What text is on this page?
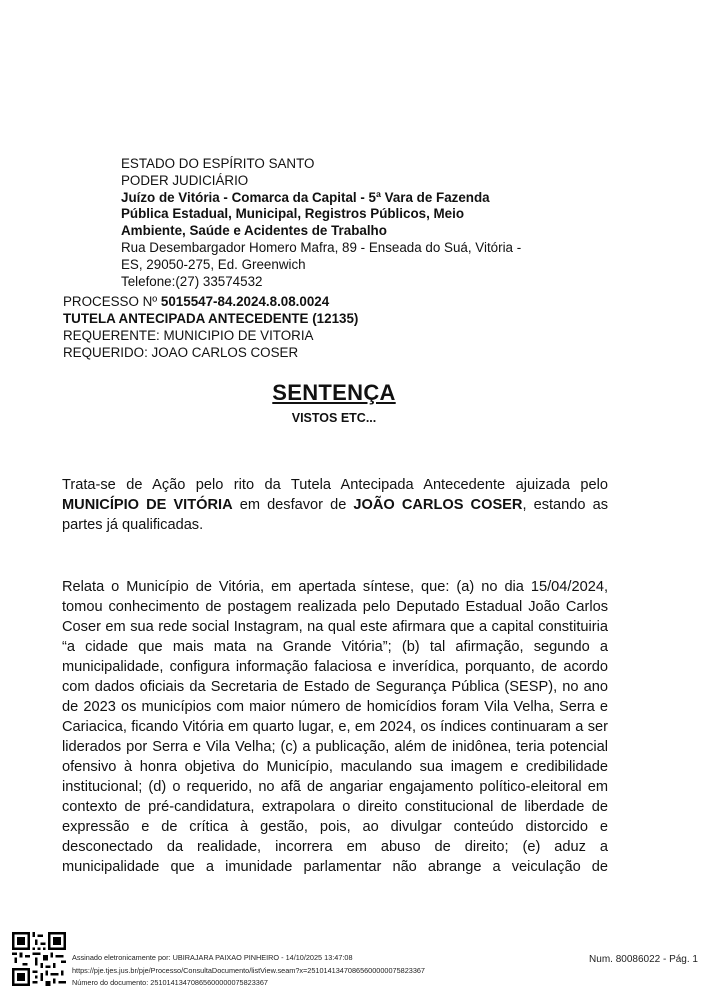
ESTADO DO ESPÍRITO SANTO
PODER JUDICIÁRIO
Juízo de Vitória - Comarca da Capital - 5ª Vara de Fazenda
Pública Estadual, Municipal, Registros Públicos, Meio
Ambiente, Saúde e Acidentes de Trabalho
Rua Desembargador Homero Mafra, 89 - Enseada do Suá, Vitória -
ES, 29050-275, Ed. Greenwich
Telefone:(27) 33574532
PROCESSO Nº 5015547-84.2024.8.08.0024
TUTELA ANTECIPADA ANTECEDENTE (12135)
REQUERENTE: MUNICIPIO DE VITORIA
REQUERIDO: JOAO CARLOS COSER
SENTENÇA
VISTOS ETC...
Trata-se de Ação pelo rito da Tutela Antecipada Antecedente ajuizada pelo
MUNICÍPIO DE VITÓRIA em desfavor de JOÃO CARLOS COSER, estando as
partes já qualificadas.
Relata o Município de Vitória, em apertada síntese, que: (a) no dia 15/04/2024,
tomou conhecimento de postagem realizada pelo Deputado Estadual João Carlos
Coser em sua rede social Instagram, na qual este afirmara que a capital constituiria
“a cidade que mais mata na Grande Vitória”; (b) tal afirmação, segundo a
municipalidade, configura informação falaciosa e inverídica, porquanto, de acordo
com dados oficiais da Secretaria de Estado de Segurança Pública (SESP), no ano
de 2023 os municípios com maior número de homicídios foram Vila Velha, Serra e
Cariacica, ficando Vitória em quarto lugar, e, em 2024, os índices continuaram a ser
liderados por Serra e Vila Velha; (c) a publicação, além de inidônea, teria potencial
ofensivo à honra objetiva do Município, maculando sua imagem e credibilidade
institucional; (d) o requerido, no afã de angariar engajamento político-eleitoral em
contexto de pré-candidatura, extrapolara o direito constitucional de liberdade de
expressão e de crítica à gestão, pois, ao divulgar conteúdo distorcido e
desconectado da realidade, incorrera em abuso de direito; (e) aduz a
municipalidade que a imunidade parlamentar não abrange a veiculação de
Assinado eletronicamente por: UBIRAJARA PAIXAO PINHEIRO - 14/10/2025 13:47:08
https://pje.tjes.jus.br/pje/Processo/ConsultaDocumento/listView.seam?x=25101413470865600000075823367
Número do documento: 25101413470865600000075823367
Num. 80086022 - Pág. 1
